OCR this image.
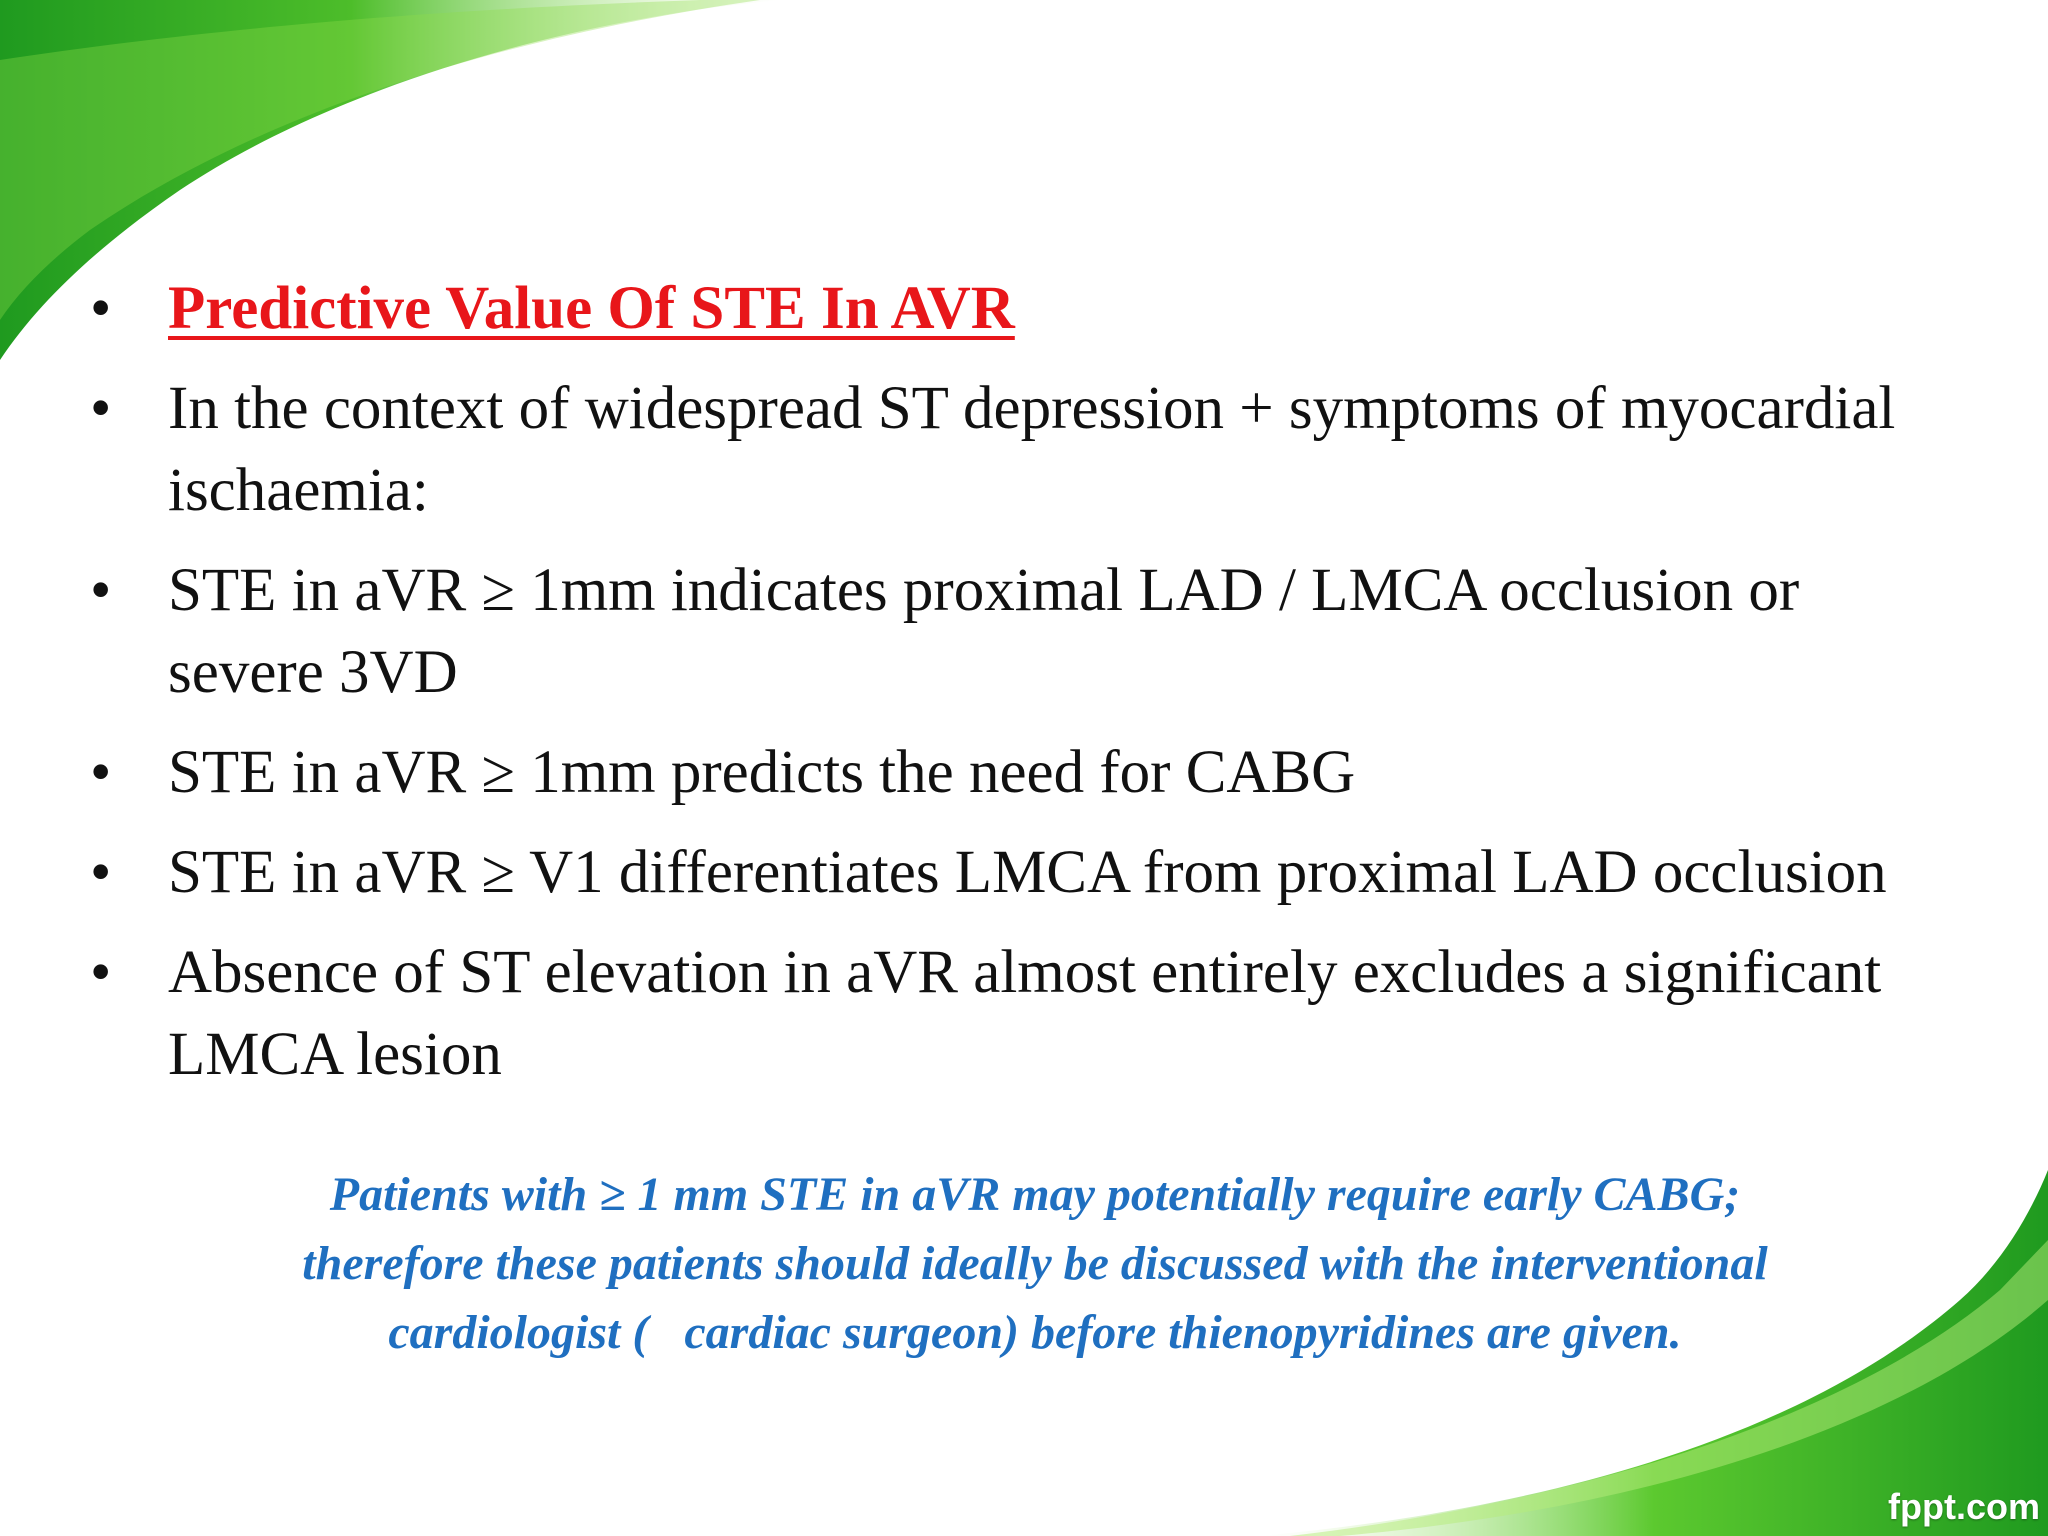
• Predictive Value Of STE In AVR
• In the context of widespread ST depression + symptoms of myocardial ischaemia:
• STE in aVR ≥ 1mm indicates proximal LAD / LMCA occlusion or severe 3VD
• STE in aVR ≥ 1mm predicts the need for CABG
• STE in aVR ≥ V1 differentiates LMCA from proximal LAD occlusion
• Absence of ST elevation in aVR almost entirely excludes a significant LMCA lesion
Patients with ≥ 1 mm STE in aVR may potentially require early CABG;
therefore these patients should ideally be discussed with the interventional
cardiologist (   cardiac surgeon) before thienopyridines are given.
fppt.com
